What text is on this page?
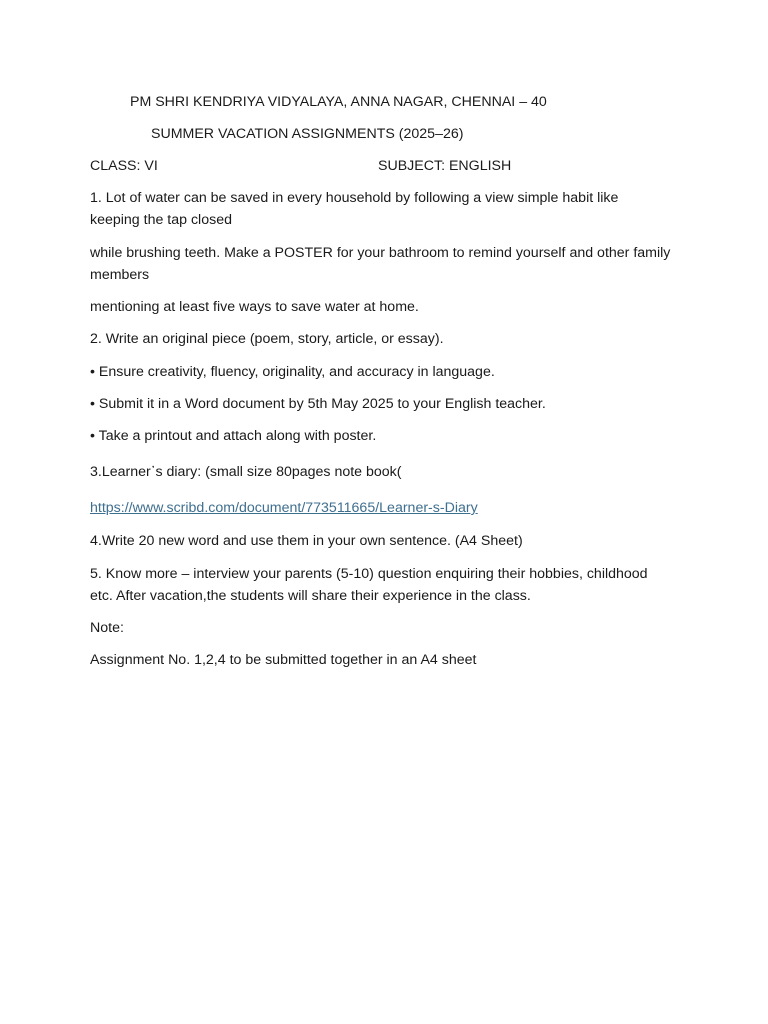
PM SHRI KENDRIYA VIDYALAYA, ANNA NAGAR, CHENNAI – 40

SUMMER VACATION ASSIGNMENTS (2025–26)

CLASS: VI	SUBJECT: ENGLISH

1. Lot of water can be saved in every household by following a view simple habit like keeping the tap closed

while brushing teeth. Make a POSTER for your bathroom to remind yourself and other family members

mentioning at least five ways to save water at home.

2. Write an original piece (poem, story, article, or essay).

• Ensure creativity, fluency, originality, and accuracy in language.

• Submit it in a Word document by 5th May 2025 to your English teacher.

• Take a printout and attach along with poster.

3.Learner᾽s diary: (small size 80pages note book(

https://www.scribd.com/document/773511665/Learner-s-Diary

4.Write 20 new word and use them in your own sentence. (A4 Sheet)

5. Know more – interview your parents (5-10) question enquiring their hobbies, childhood etc. After vacation,the students will share their experience in the class.

Note:

Assignment No. 1,2,4 to be submitted together in an A4 sheet
